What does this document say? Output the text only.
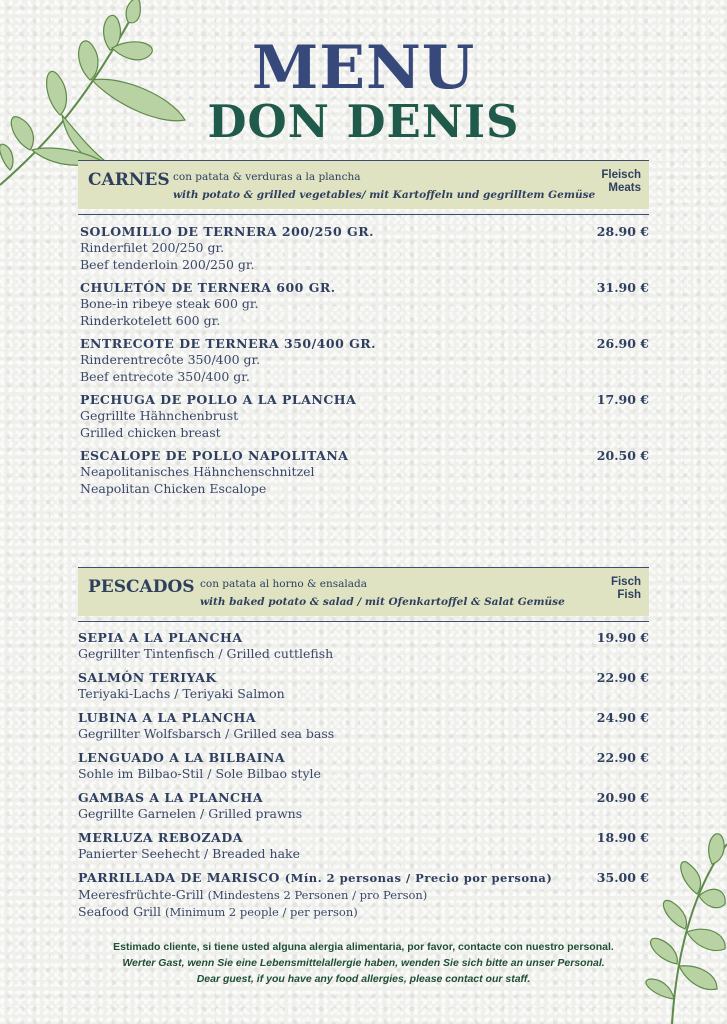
MENU
DON DENIS
CARNES con patata & verduras a la plancha
with potato & grilled vegetables/ mit Kartoffeln und gegrilltem Gemüse
Fleisch
Meats
SOLOMILLO DE TERNERA 200/250 GR.
Rinderfilet 200/250 gr.
Beef tenderloin 200/250 gr.
28.90 €
CHULETÓN DE TERNERA 600 GR.
Bone-in ribeye steak 600 gr.
Rinderkotelett 600 gr.
31.90 €
ENTRECOTE DE TERNERA 350/400 GR.
Rinderentrecôte 350/400 gr.
Beef entrecote 350/400 gr.
26.90 €
PECHUGA DE POLLO A LA PLANCHA
Gegrillte Hähnchenbrust
Grilled chicken breast
17.90 €
ESCALOPE DE POLLO NAPOLITANA
Neapolitanisches Hähnchenschnitzel
Neapolitan Chicken Escalope
20.50 €
PESCADOS con patata al horno & ensalada
with baked potato & salad / mit Ofenkartoffel & Salat Gemüse
Fisch
Fish
SEPIA A LA PLANCHA
Gegrillter Tintenfisch / Grilled cuttlefish
19.90 €
SALMÓN TERIYAK
Teriyaki-Lachs / Teriyaki Salmon
22.90 €
LUBINA A LA PLANCHA
Gegrillter Wolfsbarsch / Grilled sea bass
24.90 €
LENGUADO A LA BILBAINA
Sohle im Bilbao-Stil / Sole Bilbao style
22.90 €
GAMBAS A LA PLANCHA
Gegrillte Garnelen / Grilled prawns
20.90 €
MERLUZA REBOZADA
Panierter Seehecht / Breaded hake
18.90 €
PARRILLADA DE MARISCO (Mín. 2 personas / Precio por persona)
Meeresfrüchte-Grill (Mindestens 2 Personen / pro Person)
Seafood Grill (Minimum 2 people / per person)
35.00 €
Estimado cliente, si tiene usted alguna alergia alimentaria, por favor, contacte con nuestro personal.
Werter Gast, wenn Sie eine Lebensmittelallergie haben, wenden Sie sich bitte an unser Personal.
Dear guest, if you have any food allergies, please contact our staff.
